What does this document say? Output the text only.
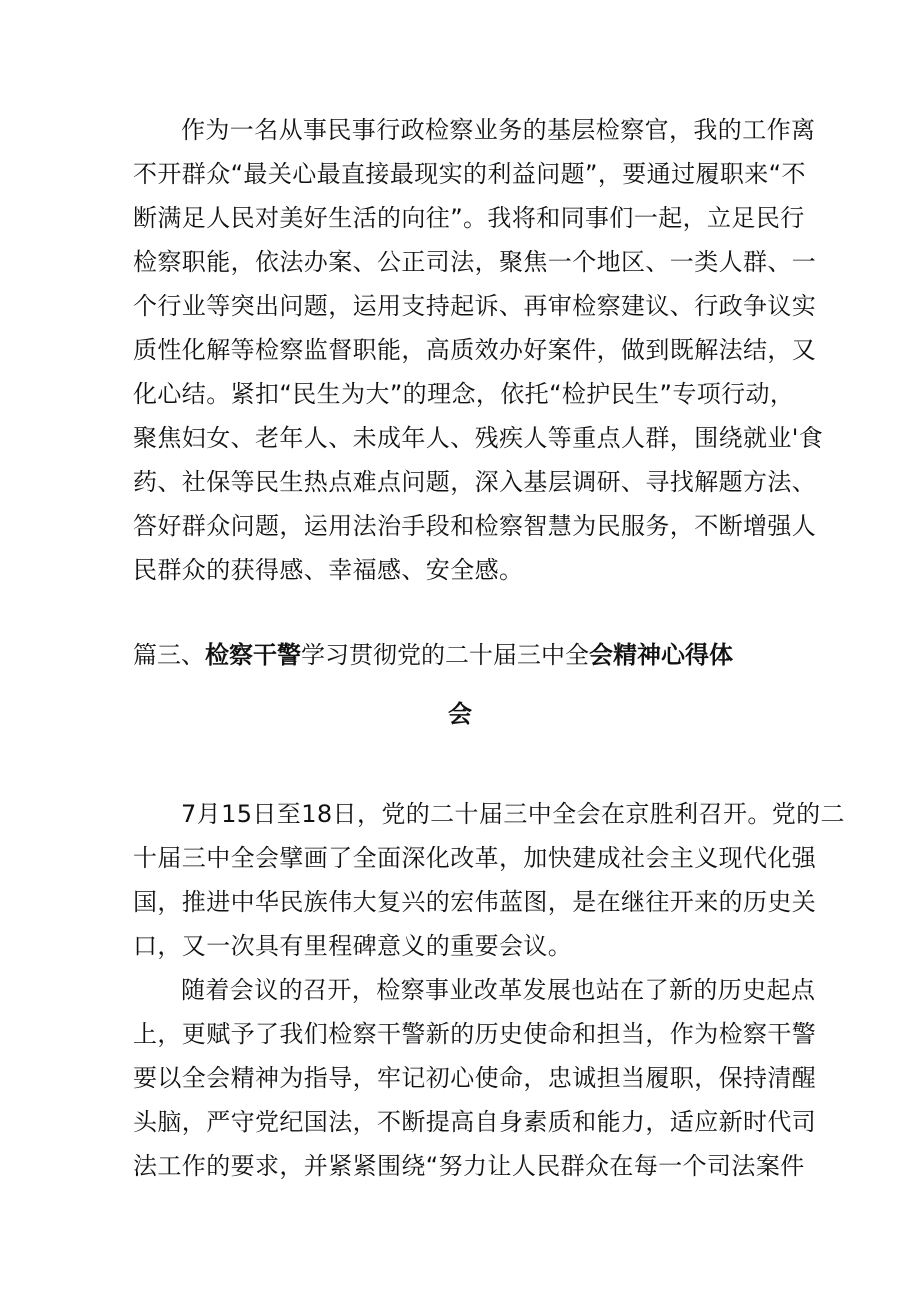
作为一名从事民事行政检察业务的基层检察官，我的工作离
不开群众“最关心最直接最现实的利益问题”，要通过履职来“不
断满足人民对美好生活的向往”。我将和同事们一起，立足民行
检察职能，依法办案、公正司法，聚焦一个地区、一类人群、一
个行业等突出问题，运用支持起诉、再审检察建议、行政争议实
质性化解等检察监督职能，高质效办好案件，做到既解法结，又
化心结。紧扣“民生为大”的理念，依托“检护民生”专项行动，
聚焦妇女、老年人、未成年人、残疾人等重点人群，围绕就业'食
药、社保等民生热点难点问题，深入基层调研、寻找解题方法、
答好群众问题，运用法治手段和检察智慧为民服务，不断增强人
民群众的获得感、幸福感、安全感。
篇三、检察干警学习贯彻党的二十届三中全会精神心得体
会
7月15日至18日，党的二十届三中全会在京胜利召开。党的二
十届三中全会擘画了全面深化改革，加快建成社会主义现代化强
国，推进中华民族伟大复兴的宏伟蓝图，是在继往开来的历史关
口，又一次具有里程碑意义的重要会议。
随着会议的召开，检察事业改革发展也站在了新的历史起点
上，更赋予了我们检察干警新的历史使命和担当，作为检察干警
要以全会精神为指导，牢记初心使命，忠诚担当履职，保持清醒
头脑，严守党纪国法，不断提高自身素质和能力，适应新时代司
法工作的要求，并紧紧围绕“努力让人民群众在每一个司法案件
